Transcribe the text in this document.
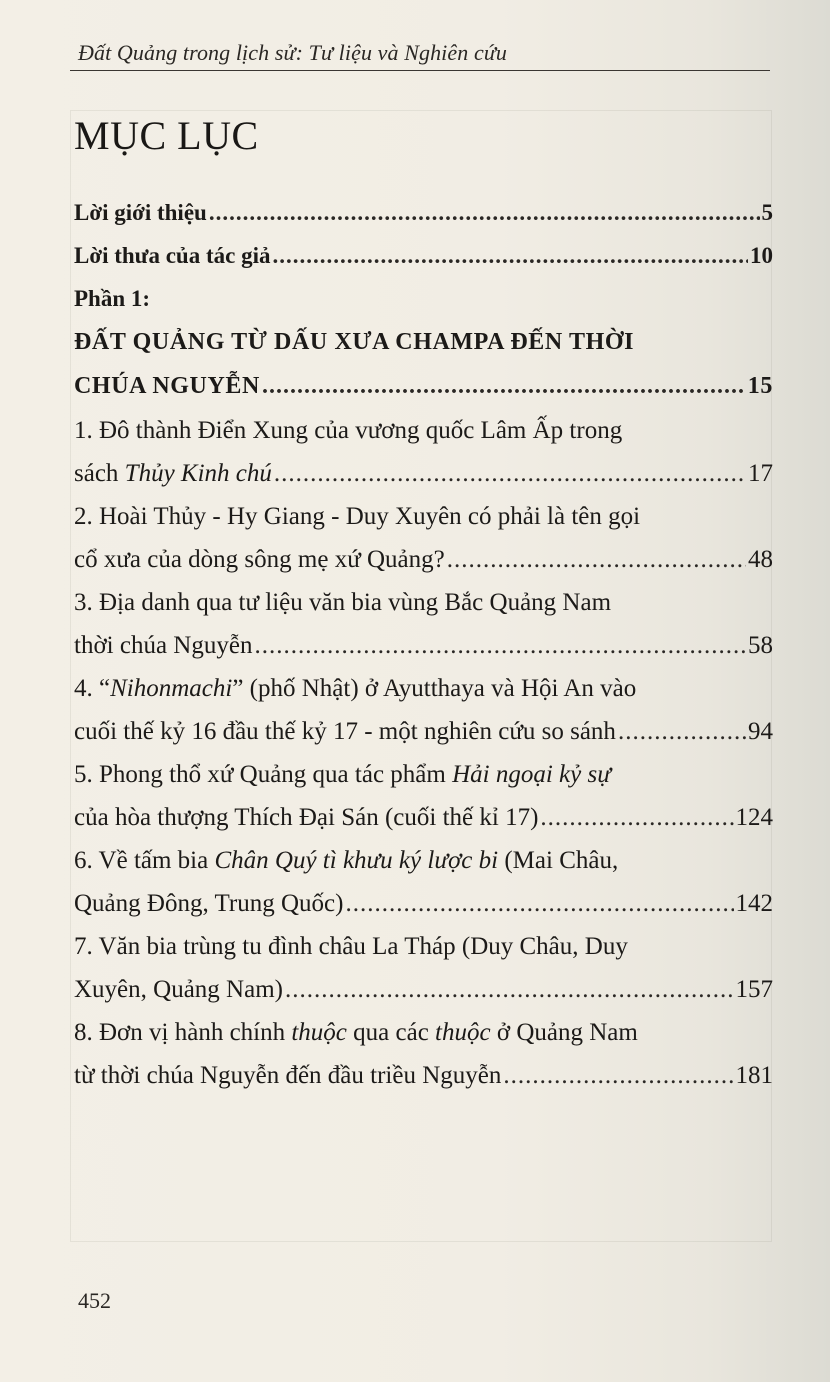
Đất Quảng trong lịch sử: Tư liệu và Nghiên cứu
MỤC LỤC
Lời giới thiệu .....	5
Lời thưa của tác giả .....	10
Phần 1:
ĐẤT QUẢNG TỪ DẤU XƯA CHAMPA ĐẾN THỜI
CHÚA NGUYỄN .....	15
1. Đô thành Điển Xung của vương quốc Lâm Ấp trong
sách Thủy Kinh chú .....	17
2. Hoài Thủy - Hy Giang - Duy Xuyên có phải là tên gọi
cổ xưa của dòng sông mẹ xứ Quảng? .....	48
3. Địa danh qua tư liệu văn bia vùng Bắc Quảng Nam
thời chúa Nguyễn .....	58
4. “Nihonmachi” (phố Nhật) ở Ayutthaya và Hội An vào
cuối thế kỷ 16 đầu thế kỷ 17 - một nghiên cứu so sánh .....	94
5. Phong thổ xứ Quảng qua tác phẩm Hải ngoại kỷ sự
của hòa thượng Thích Đại Sán (cuối thế kỉ 17) .....	124
6. Về tấm bia Chân Quý tì khưu ký lược bi (Mai Châu,
Quảng Đông, Trung Quốc) .....	142
7. Văn bia trùng tu đình châu La Tháp (Duy Châu, Duy
Xuyên, Quảng Nam) .....	157
8. Đơn vị hành chính thuộc qua các thuộc ở Quảng Nam
từ thời chúa Nguyễn đến đầu triều Nguyễn .....	181
452
